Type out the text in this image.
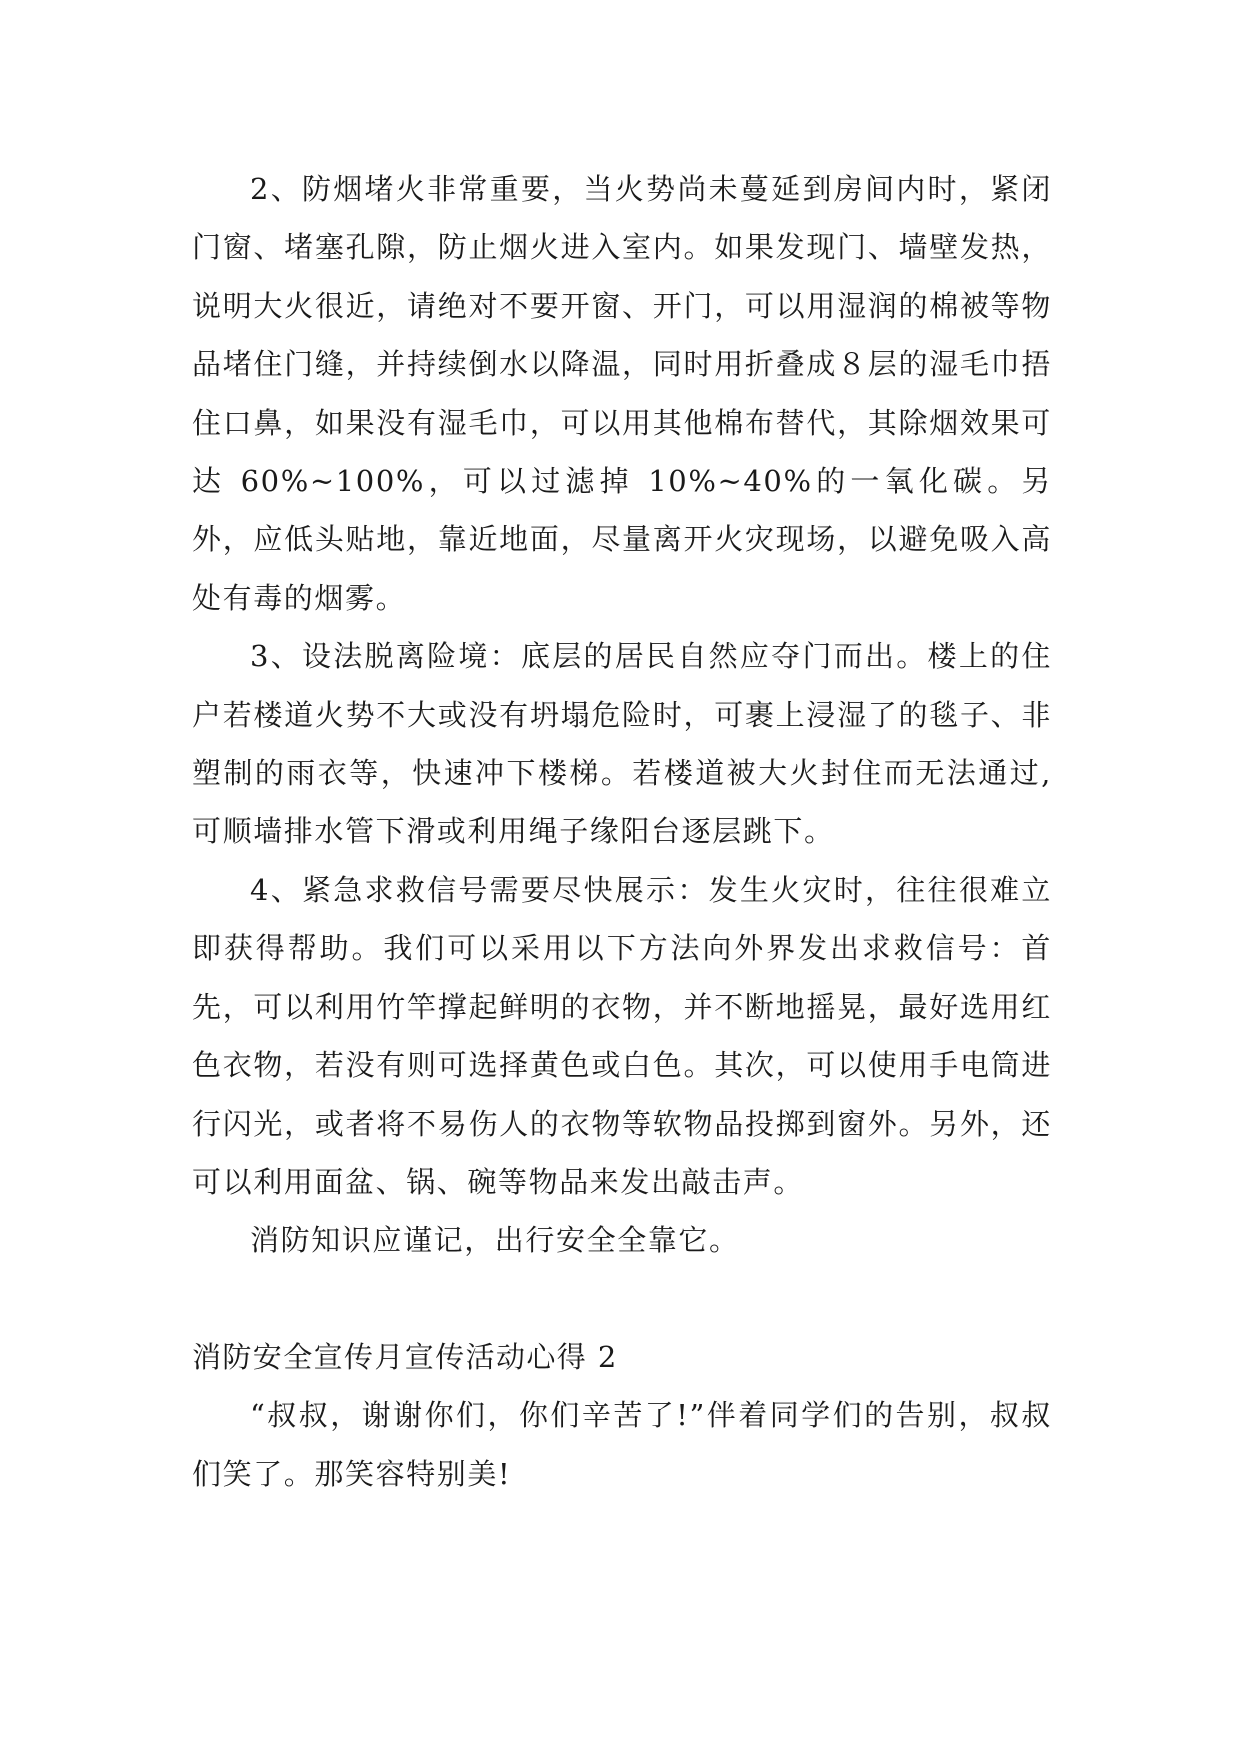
2、防烟堵火非常重要，当火势尚未蔓延到房间内时，紧闭门窗、堵塞孔隙，防止烟火进入室内。如果发现门、墙壁发热，说明大火很近，请绝对不要开窗、开门，可以用湿润的棉被等物品堵住门缝，并持续倒水以降温，同时用折叠成８层的湿毛巾捂住口鼻，如果没有湿毛巾，可以用其他棉布替代，其除烟效果可达 60%~100%，可以过滤掉 10%~40%的一氧化碳。另外，应低头贴地，靠近地面，尽量离开火灾现场，以避免吸入高处有毒的烟雾。

3、设法脱离险境：底层的居民自然应夺门而出。楼上的住户若楼道火势不大或没有坍塌危险时，可裹上浸湿了的毯子、非塑制的雨衣等，快速冲下楼梯。若楼道被大火封住而无法通过,可顺墙排水管下滑或利用绳子缘阳台逐层跳下。

4、紧急求救信号需要尽快展示：发生火灾时，往往很难立即获得帮助。我们可以采用以下方法向外界发出求救信号：首先，可以利用竹竿撑起鲜明的衣物，并不断地摇晃，最好选用红色衣物，若没有则可选择黄色或白色。其次，可以使用手电筒进行闪光，或者将不易伤人的衣物等软物品投掷到窗外。另外，还可以利用面盆、锅、碗等物品来发出敲击声。

消防知识应谨记，出行安全全靠它。

消防安全宣传月宣传活动心得 2

“叔叔，谢谢你们，你们辛苦了!”伴着同学们的告别，叔叔们笑了。那笑容特别美!
